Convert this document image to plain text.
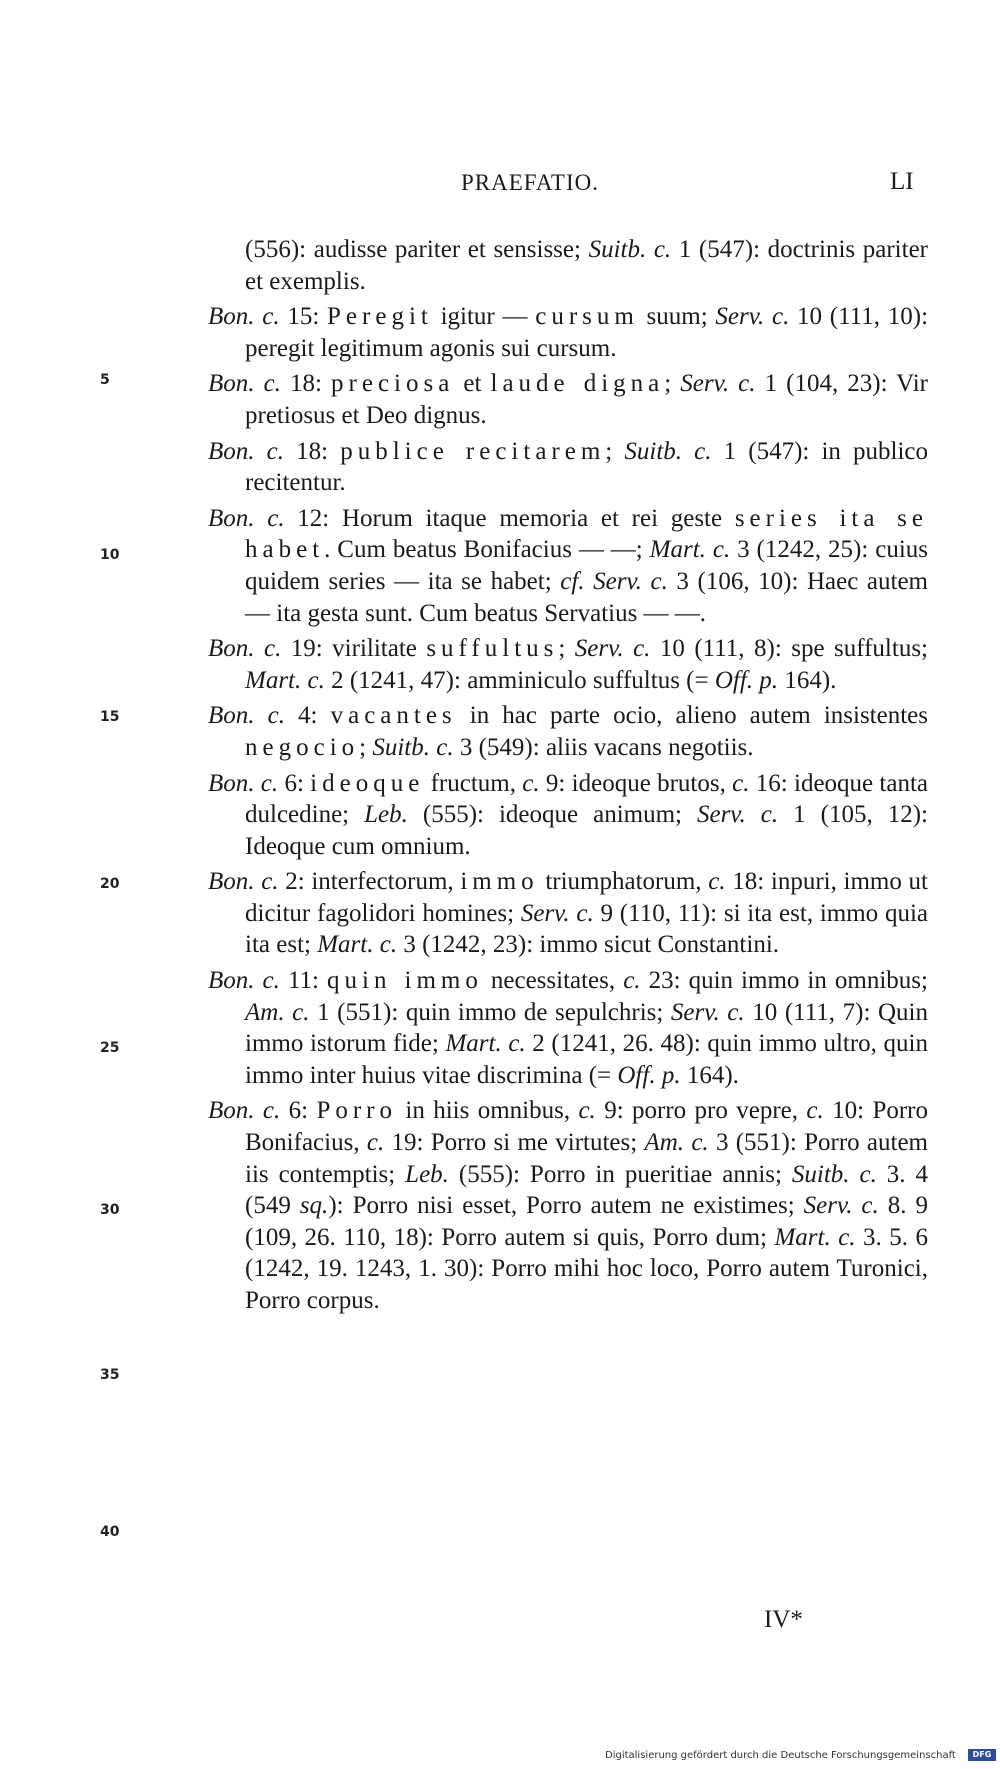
PRAEFATIO.	LI
5
10
15
20
25
30
35
40

(556): audisse pariter et sensisse; Suitb. c. 1 (547): doctrinis pariter et exemplis.

Bon. c. 15: Peregit igitur — cursum suum; Serv. c. 10 (111, 10): peregit legitimum agonis sui cursum.

Bon. c. 18: preciosa et laude digna; Serv. c. 1 (104, 23): Vir pretiosus et Deo dignus.

Bon. c. 18: publice recitarem; Suitb. c. 1 (547): in publico recitentur.

Bon. c. 12: Horum itaque memoria et rei geste series ita se habet. Cum beatus Bonifacius — —; Mart. c. 3 (1242, 25): cuius quidem series — ita se habet; cf. Serv. c. 3 (106, 10): Haec autem — ita gesta sunt. Cum beatus Servatius — —.

Bon. c. 19: virilitate suffultus; Serv. c. 10 (111, 8): spe suffultus; Mart. c. 2 (1241, 47): amminiculo suffultus (= Off. p. 164).

Bon. c. 4: vacantes in hac parte ocio, alieno autem insistentes negocio; Suitb. c. 3 (549): aliis vacans negotiis.

Bon. c. 6: ideoque fructum, c. 9: ideoque brutos, c. 16: ideoque tanta dulcedine; Leb. (555): ideoque animum; Serv. c. 1 (105, 12): Ideoque cum omnium.

Bon. c. 2: interfectorum, immo triumphatorum, c. 18: inpuri, immo ut dicitur fagolidori homines; Serv. c. 9 (110, 11): si ita est, immo quia ita est; Mart. c. 3 (1242, 23): immo sicut Constantini.

Bon. c. 11: quin immo necessitates, c. 23: quin immo in omnibus; Am. c. 1 (551): quin immo de sepulchris; Serv. c. 10 (111, 7): Quin immo istorum fide; Mart. c. 2 (1241, 26. 48): quin immo ultro, quin immo inter huius vitae discrimina (= Off. p. 164).

Bon. c. 6: Porro in hiis omnibus, c. 9: porro pro vepre, c. 10: Porro Bonifacius, c. 19: Porro si me virtutes; Am. c. 3 (551): Porro autem iis contemptis; Leb. (555): Porro in pueritiae annis; Suitb. c. 3. 4 (549 sq.): Porro nisi esset, Porro autem ne existimes; Serv. c. 8. 9 (109, 26. 110, 18): Porro autem si quis, Porro dum; Mart. c. 3. 5. 6 (1242, 19. 1243, 1. 30): Porro mihi hoc loco, Porro autem Turonici, Porro corpus.

IV*
Digitalisierung gefördert durch die Deutsche Forschungsgemeinschaft	DFG
